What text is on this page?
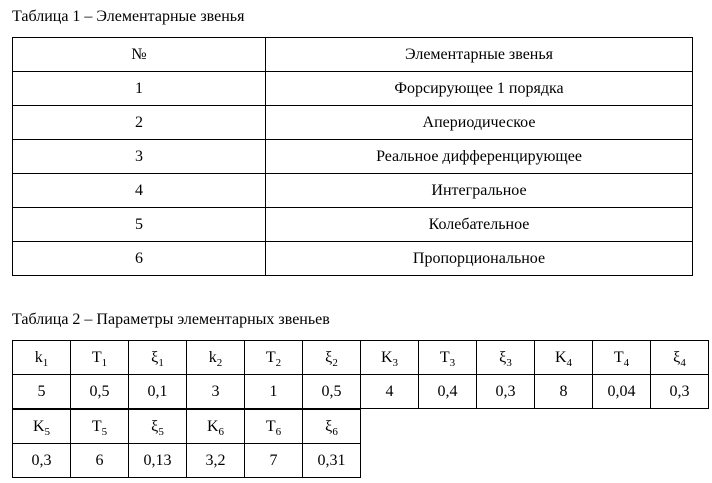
Таблица 1 – Элементарные звенья
№	Элементарные звенья
1	Форсирующее 1 порядка
2	Апериодическое
3	Реальное дифференцирующее
4	Интегральное
5	Колебательное
6	Пропорциональное
Таблица 2 – Параметры элементарных звеньев
$k_1$	$T_1$	$\xi_1$	$k_2$	$T_2$	$\xi_2$	$K_3$	$T_3$	$\xi_3$	$K_4$	$T_4$	$\xi_4$
5	0,5	0,1	3	1	0,5	4	0,4	0,3	8	0,04	0,3
$K_5$	$T_5$	$\xi_5$	$K_6$	$T_6$	$\xi_6$
0,3	6	0,13	3,2	7	0,31
